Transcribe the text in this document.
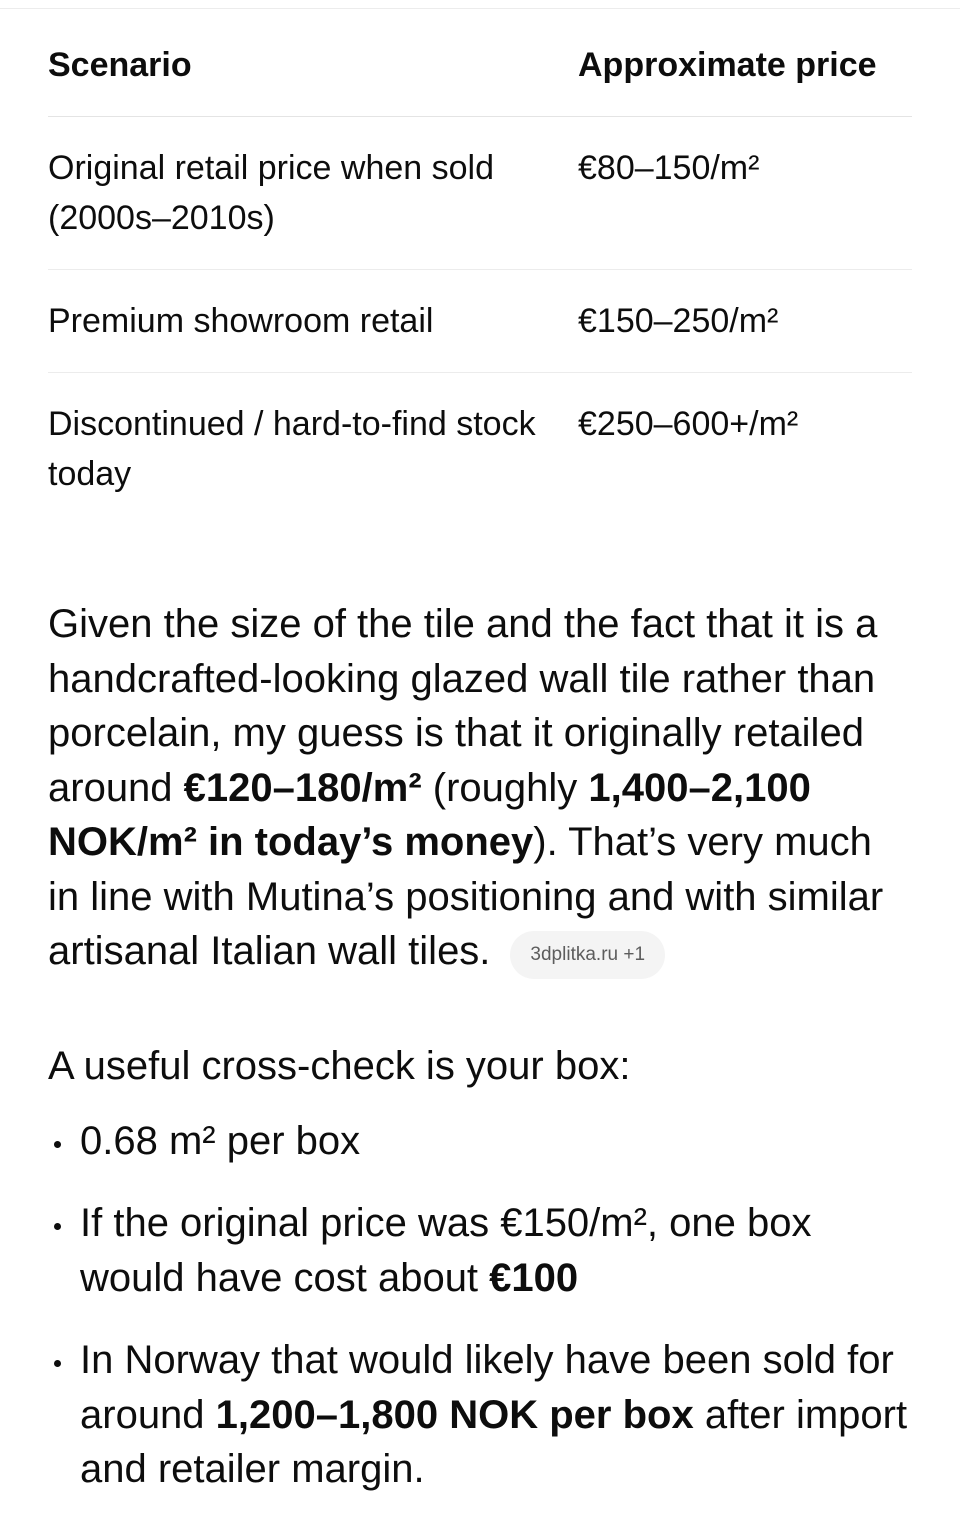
Scenario	Approximate price
Original retail price when sold (2000s–2010s)	€80–150/m²
Premium showroom retail	€150–250/m²
Discontinued / hard-to-find stock today	€250–600+/m²
Given the size of the tile and the fact that it is a handcrafted-looking glazed wall tile rather than porcelain, my guess is that it originally retailed around €120–180/m² (roughly 1,400–2,100 NOK/m² in today’s money). That’s very much in line with Mutina’s positioning and with similar artisanal Italian wall tiles. 3dplitka.ru +1
A useful cross-check is your box:
0.68 m² per box
If the original price was €150/m², one box would have cost about €100
In Norway that would likely have been sold for around 1,200–1,800 NOK per box after import and retailer margin.
